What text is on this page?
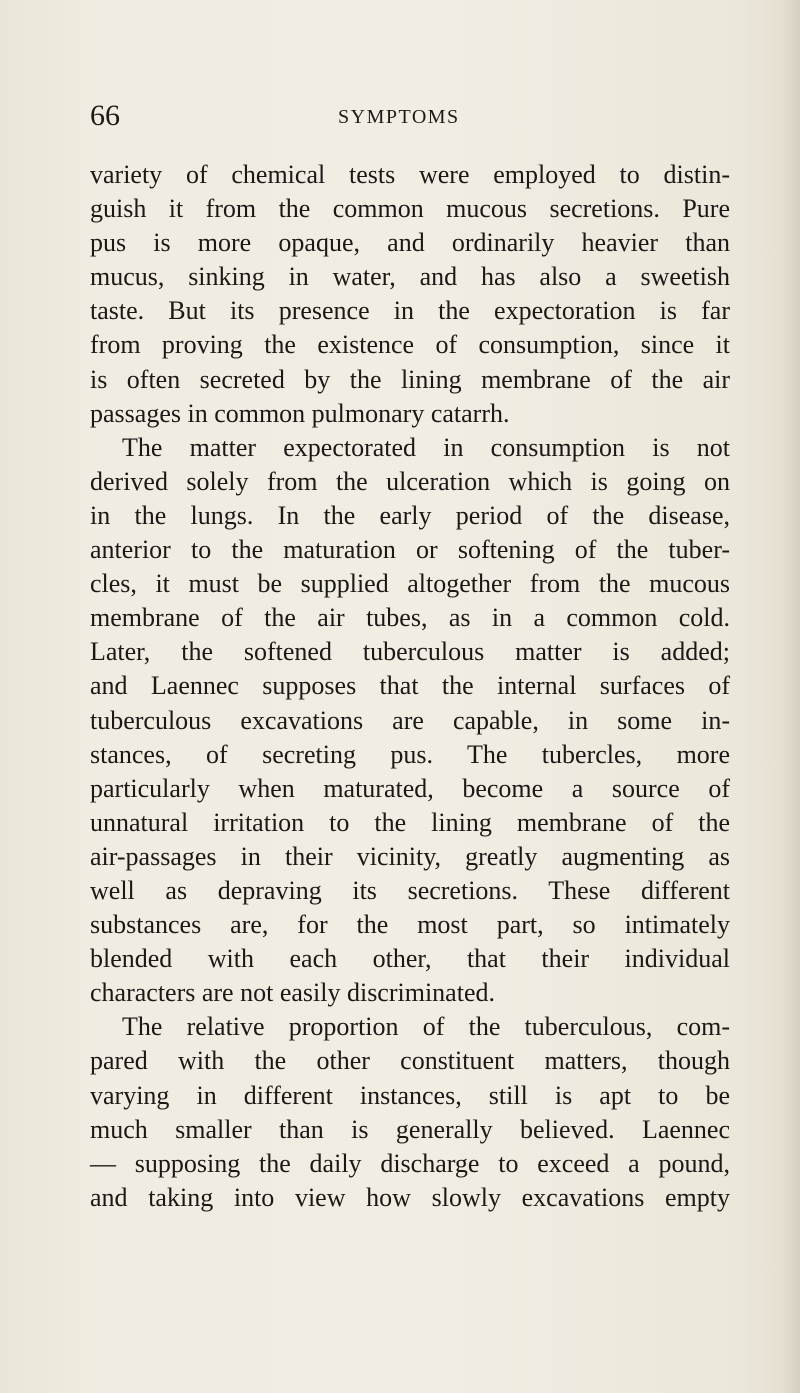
66	SYMPTOMS
variety of chemical tests were employed to distin-
guish it from the common mucous secretions. Pure
pus is more opaque, and ordinarily heavier than
mucus, sinking in water, and has also a sweetish
taste. But its presence in the expectoration is far
from proving the existence of consumption, since it
is often secreted by the lining membrane of the air
passages in common pulmonary catarrh.
The matter expectorated in consumption is not
derived solely from the ulceration which is going on
in the lungs. In the early period of the disease,
anterior to the maturation or softening of the tuber-
cles, it must be supplied altogether from the mucous
membrane of the air tubes, as in a common cold.
Later, the softened tuberculous matter is added;
and Laennec supposes that the internal surfaces of
tuberculous excavations are capable, in some in-
stances, of secreting pus. The tubercles, more
particularly when maturated, become a source of
unnatural irritation to the lining membrane of the
air-passages in their vicinity, greatly augmenting as
well as depraving its secretions. These different
substances are, for the most part, so intimately
blended with each other, that their individual
characters are not easily discriminated.
The relative proportion of the tuberculous, com-
pared with the other constituent matters, though
varying in different instances, still is apt to be
much smaller than is generally believed. Laennec
— supposing the daily discharge to exceed a pound,
and taking into view how slowly excavations empty
